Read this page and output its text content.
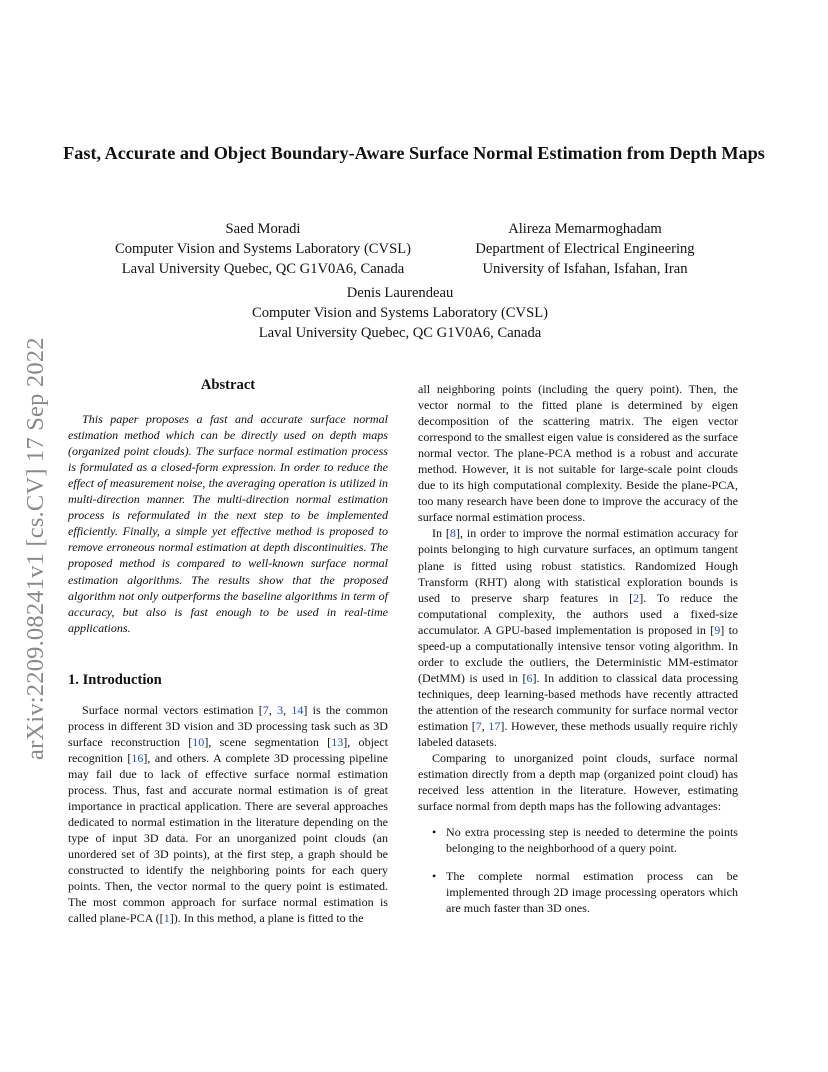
arXiv:2209.08241v1 [cs.CV] 17 Sep 2022
Fast, Accurate and Object Boundary-Aware Surface Normal Estimation from Depth Maps
Saed Moradi
Computer Vision and Systems Laboratory (CVSL)
Laval University Quebec, QC G1V0A6, Canada
Alireza Memarmoghadam
Department of Electrical Engineering
University of Isfahan, Isfahan, Iran
Denis Laurendeau
Computer Vision and Systems Laboratory (CVSL)
Laval University Quebec, QC G1V0A6, Canada
Abstract

This paper proposes a fast and accurate surface normal estimation method which can be directly used on depth maps (organized point clouds). The surface normal estimation process is formulated as a closed-form expression. In order to reduce the effect of measurement noise, the averaging operation is utilized in multi-direction manner. The multi-direction normal estimation process is reformulated in the next step to be implemented efficiently. Finally, a simple yet effective method is proposed to remove erroneous normal estimation at depth discontinuities. The proposed method is compared to well-known surface normal estimation algorithms. The results show that the proposed algorithm not only outperforms the baseline algorithms in term of accuracy, but also is fast enough to be used in real-time applications.

1. Introduction

Surface normal vectors estimation [7, 3, 14] is the common process in different 3D vision and 3D processing task such as 3D surface reconstruction [10], scene segmentation [13], object recognition [16], and others. A complete 3D processing pipeline may fail due to lack of effective surface normal estimation process. Thus, fast and accurate normal estimation is of great importance in practical application. There are several approaches dedicated to normal estimation in the literature depending on the type of input 3D data. For an unorganized point clouds (an unordered set of 3D points), at the first step, a graph should be constructed to identify the neighboring points for each query points. Then, the vector normal to the query point is estimated. The most common approach for surface normal estimation is called plane-PCA ([1]). In this method, a plane is fitted to the

all neighboring points (including the query point). Then, the vector normal to the fitted plane is determined by eigen decomposition of the scattering matrix. The eigen vector correspond to the smallest eigen value is considered as the surface normal vector. The plane-PCA method is a robust and accurate method. However, it is not suitable for large-scale point clouds due to its high computational complexity. Beside the plane-PCA, too many research have been done to improve the accuracy of the surface normal estimation process.

In [8], in order to improve the normal estimation accuracy for points belonging to high curvature surfaces, an optimum tangent plane is fitted using robust statistics. Randomized Hough Transform (RHT) along with statistical exploration bounds is used to preserve sharp features in [2]. To reduce the computational complexity, the authors used a fixed-size accumulator. A GPU-based implementation is proposed in [9] to speed-up a computationally intensive tensor voting algorithm. In order to exclude the outliers, the Deterministic MM-estimator (DetMM) is used in [6]. In addition to classical data processing techniques, deep learning-based methods have recently attracted the attention of the research community for surface normal vector estimation [7, 17]. However, these methods usually require richly labeled datasets.

Comparing to unorganized point clouds, surface normal estimation directly from a depth map (organized point cloud) has received less attention in the literature. However, estimating surface normal from depth maps has the following advantages:

• No extra processing step is needed to determine the points belonging to the neighborhood of a query point.
• The complete normal estimation process can be implemented through 2D image processing operators which are much faster than 3D ones.
